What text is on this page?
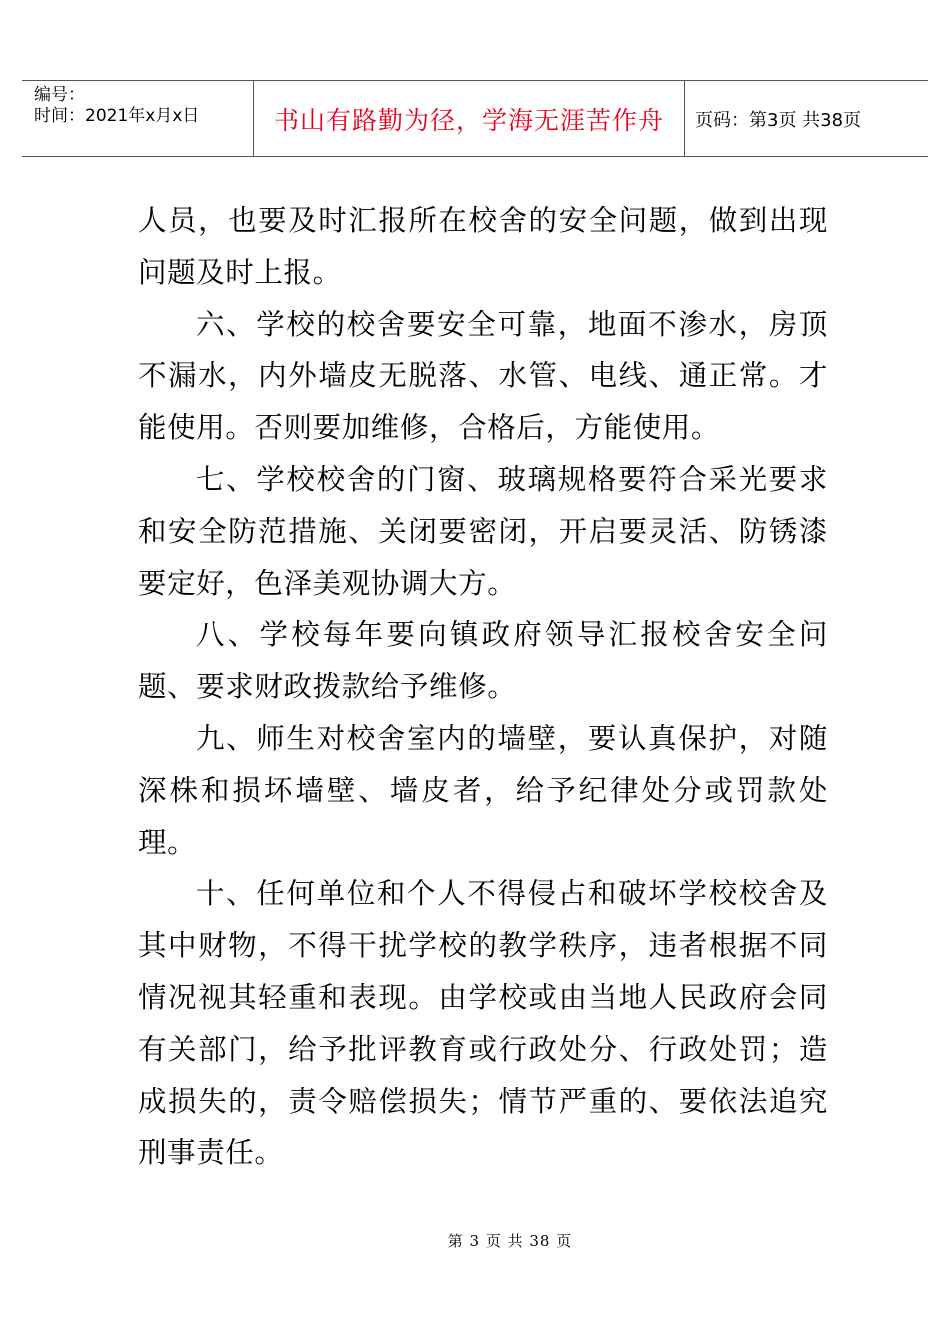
编号：
时间：2021年x月x日	书山有路勤为径，学海无涯苦作舟 页码：第3页 共38页

人员，也要及时汇报所在校舍的安全问题，做到出现问题及时上报。

六、学校的校舍要安全可靠，地面不渗水，房顶不漏水，内外墙皮无脱落、水管、电线、通正常。才能使用。否则要加维修，合格后，方能使用。

七、学校校舍的门窗、玻璃规格要符合采光要求和安全防范措施、关闭要密闭，开启要灵活、防锈漆要定好，色泽美观协调大方。

八、学校每年要向镇政府领导汇报校舍安全问题、要求财政拨款给予维修。

九、师生对校舍室内的墙壁，要认真保护，对随深株和损坏墙壁、墙皮者，给予纪律处分或罚款处理。

十、任何单位和个人不得侵占和破坏学校校舍及其中财物，不得干扰学校的教学秩序，违者根据不同情况视其轻重和表现。由学校或由当地人民政府会同有关部门，给予批评教育或行政处分、行政处罚；造成损失的，责令赔偿损失；情节严重的、要依法追究刑事责任。

第 3 页 共 38 页
